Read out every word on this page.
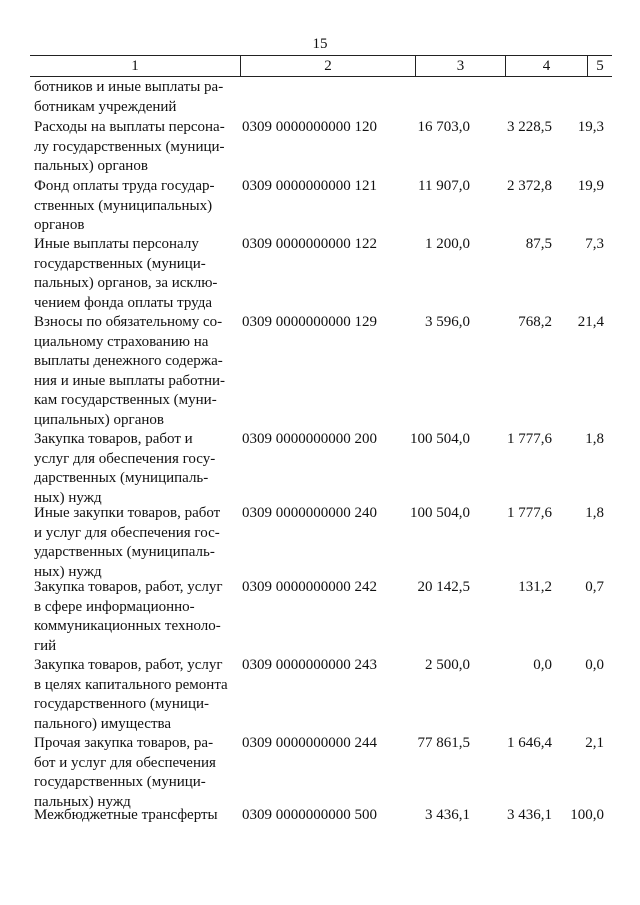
15
1	2	3	4	5
ботников и иные выплаты ра-
ботникам учреждений
Расходы на выплаты персона-
лу государственных (муници-
пальных) органов
0309 0000000000 120	16 703,0	3 228,5	19,3
Фонд оплаты труда государ-
ственных (муниципальных)
органов
0309 0000000000 121	11 907,0	2 372,8	19,9
Иные выплаты персоналу
государственных (муници-
пальных) органов, за исклю-
чением фонда оплаты труда
0309 0000000000 122	1 200,0	87,5	7,3
Взносы по обязательному со-
циальному страхованию на
выплаты денежного содержа-
ния и иные выплаты работни-
кам государственных (муни-
ципальных) органов
0309 0000000000 129	3 596,0	768,2	21,4
Закупка товаров, работ и
услуг для обеспечения госу-
дарственных (муниципаль-
ных) нужд
0309 0000000000 200	100 504,0	1 777,6	1,8
Иные закупки товаров, работ
и услуг для обеспечения гос-
ударственных (муниципаль-
ных) нужд
0309 0000000000 240	100 504,0	1 777,6	1,8
Закупка товаров, работ, услуг
в сфере информационно-
коммуникационных техноло-
гий
0309 0000000000 242	20 142,5	131,2	0,7
Закупка товаров, работ, услуг
в целях капитального ремонта
государственного (муници-
пального) имущества
0309 0000000000 243	2 500,0	0,0	0,0
Прочая закупка товаров, ра-
бот и услуг для обеспечения
государственных (муници-
пальных) нужд
0309 0000000000 244	77 861,5	1 646,4	2,1
Межбюджетные трансферты	0309 0000000000 500	3 436,1	3 436,1	100,0
